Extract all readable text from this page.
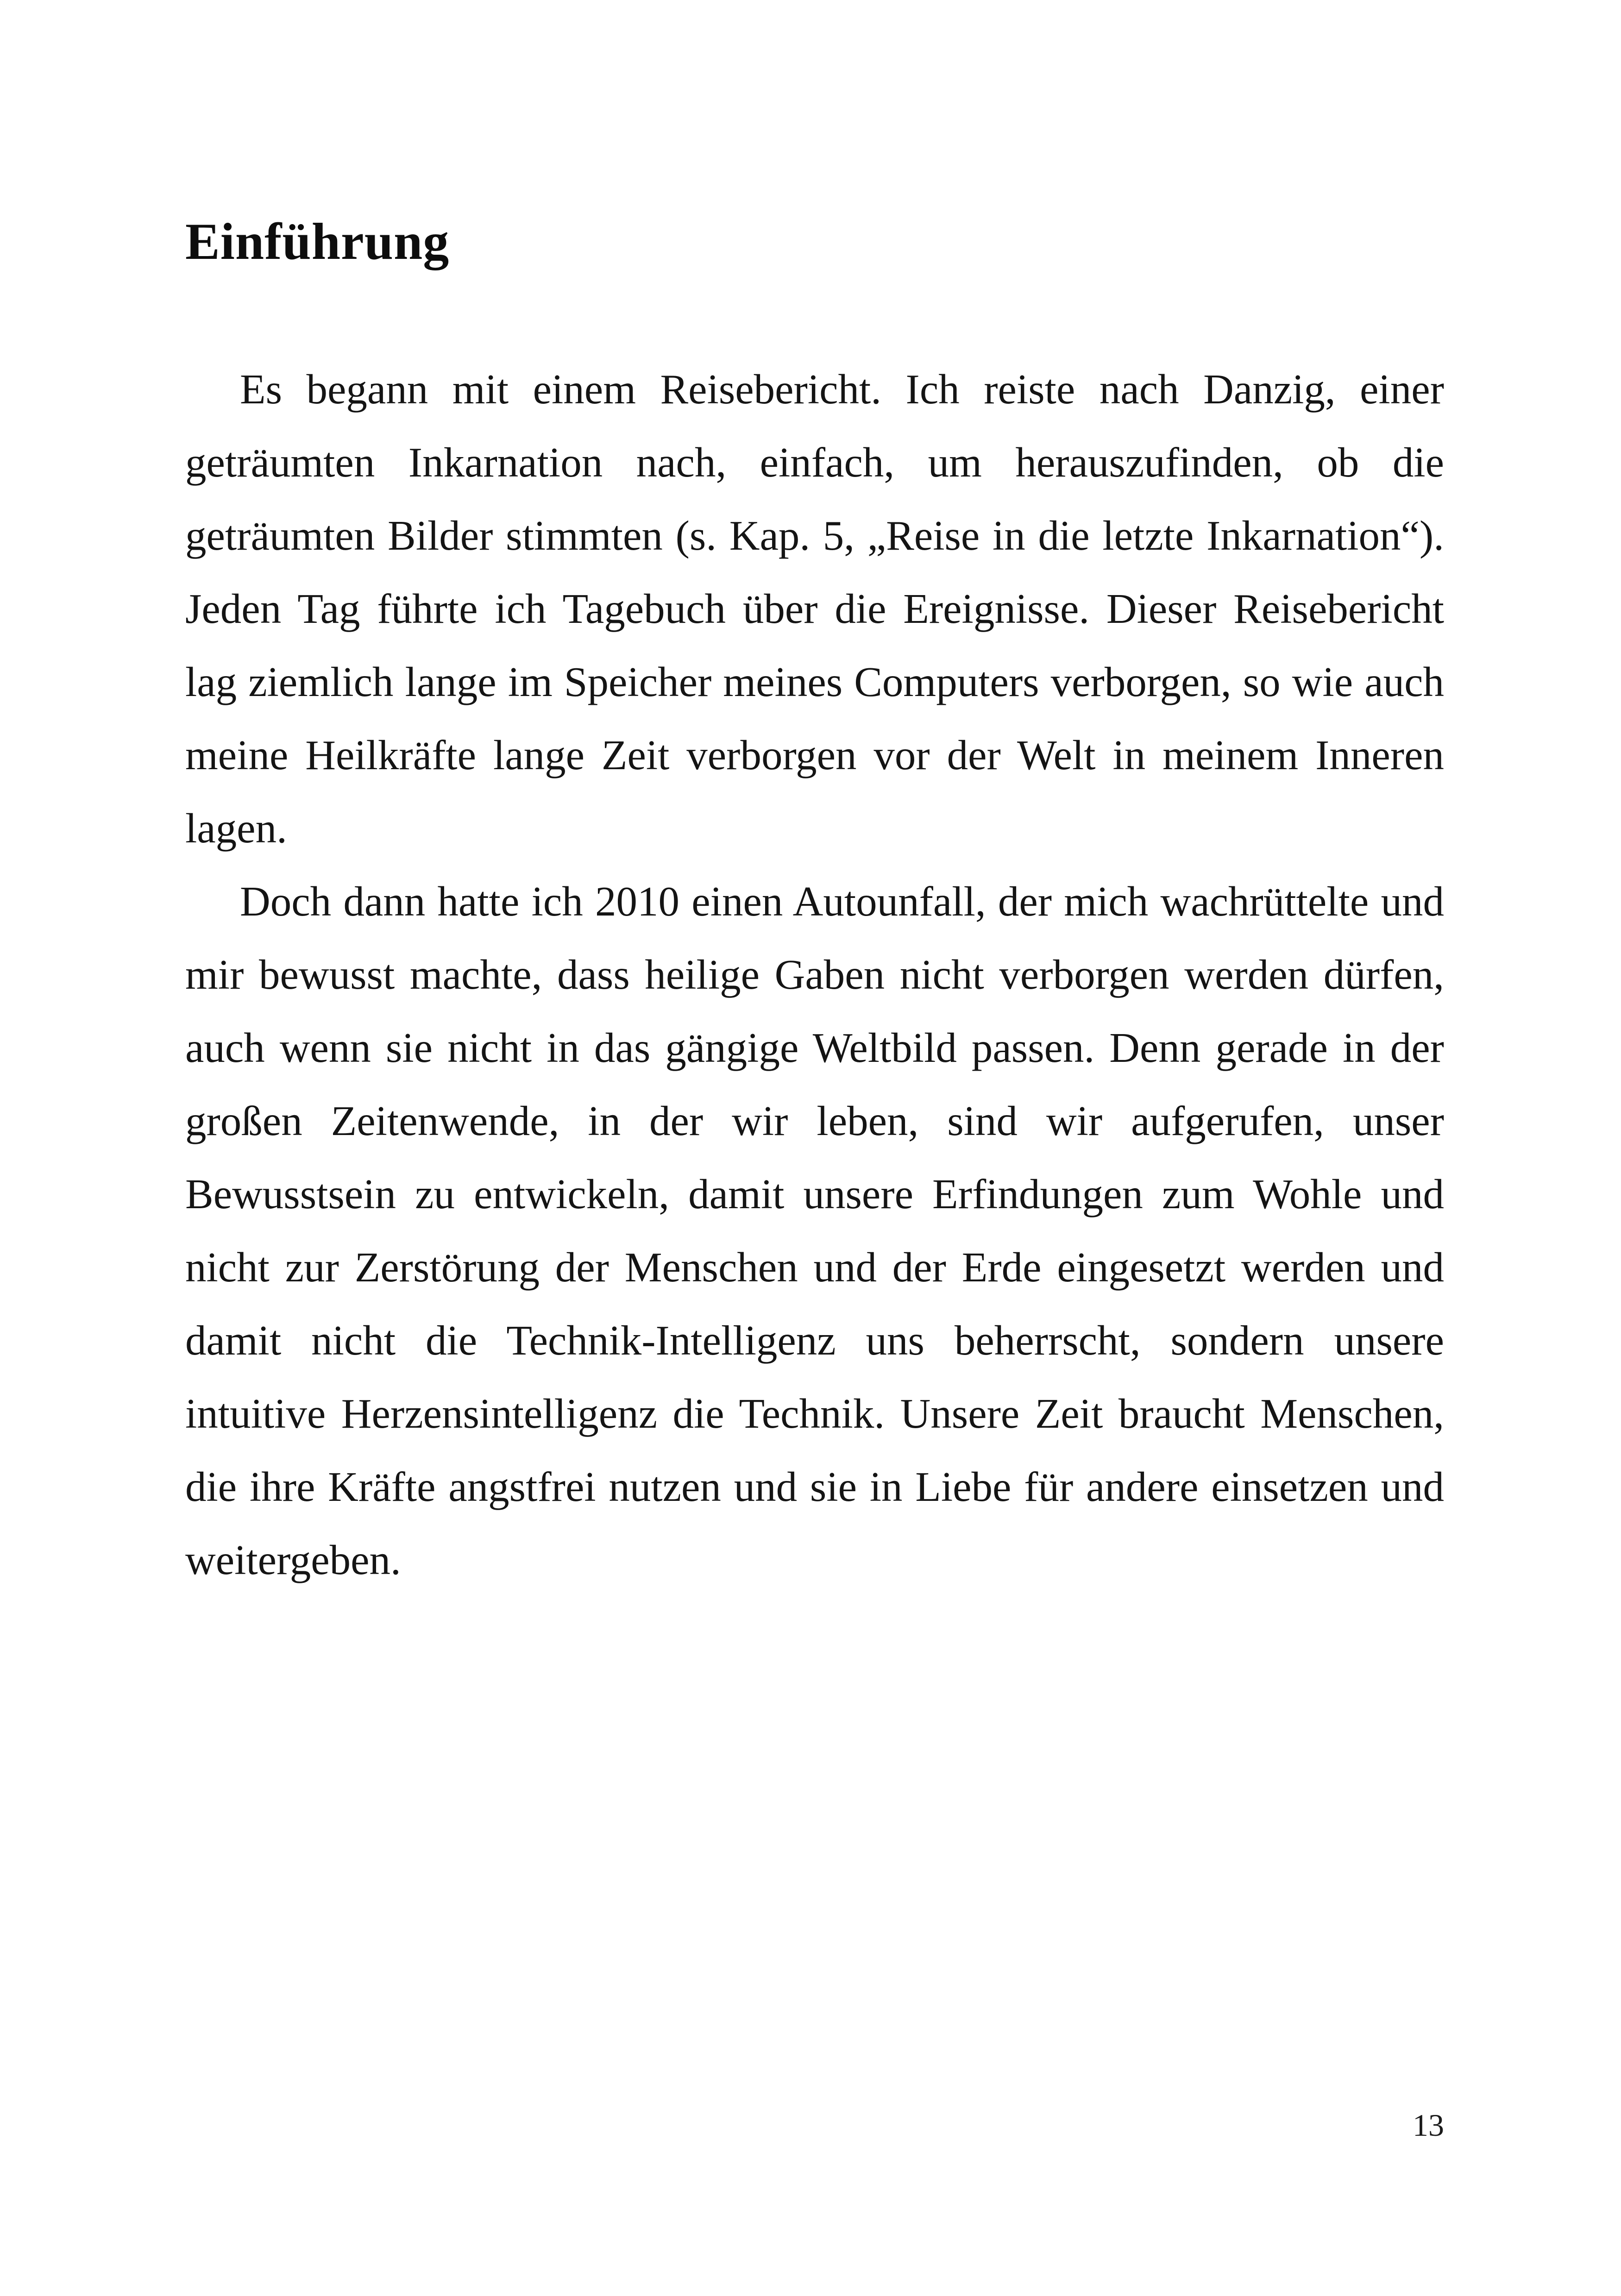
Einführung

Es begann mit einem Reisebericht. Ich reiste nach Danzig, einer geträumten Inkarnation nach, einfach, um herauszufinden, ob die geträumten Bilder stimmten (s. Kap. 5, „Reise in die letzte Inkarnation“). Jeden Tag führte ich Tagebuch über die Ereignisse. Dieser Reisebericht lag ziemlich lange im Speicher meines Computers verborgen, so wie auch meine Heilkräfte lange Zeit verborgen vor der Welt in meinem Inneren lagen.

Doch dann hatte ich 2010 einen Autounfall, der mich wachrüttelte und mir bewusst machte, dass heilige Gaben nicht verborgen werden dürfen, auch wenn sie nicht in das gängige Weltbild passen. Denn gerade in der großen Zeitenwende, in der wir leben, sind wir aufgerufen, unser Bewusstsein zu entwickeln, damit unsere Erfindungen zum Wohle und nicht zur Zerstörung der Menschen und der Erde eingesetzt werden und damit nicht die Technik-Intelligenz uns beherrscht, sondern unsere intuitive Herzensintelligenz die Technik. Unsere Zeit braucht Menschen, die ihre Kräfte angstfrei nutzen und sie in Liebe für andere einsetzen und weitergeben.

13
